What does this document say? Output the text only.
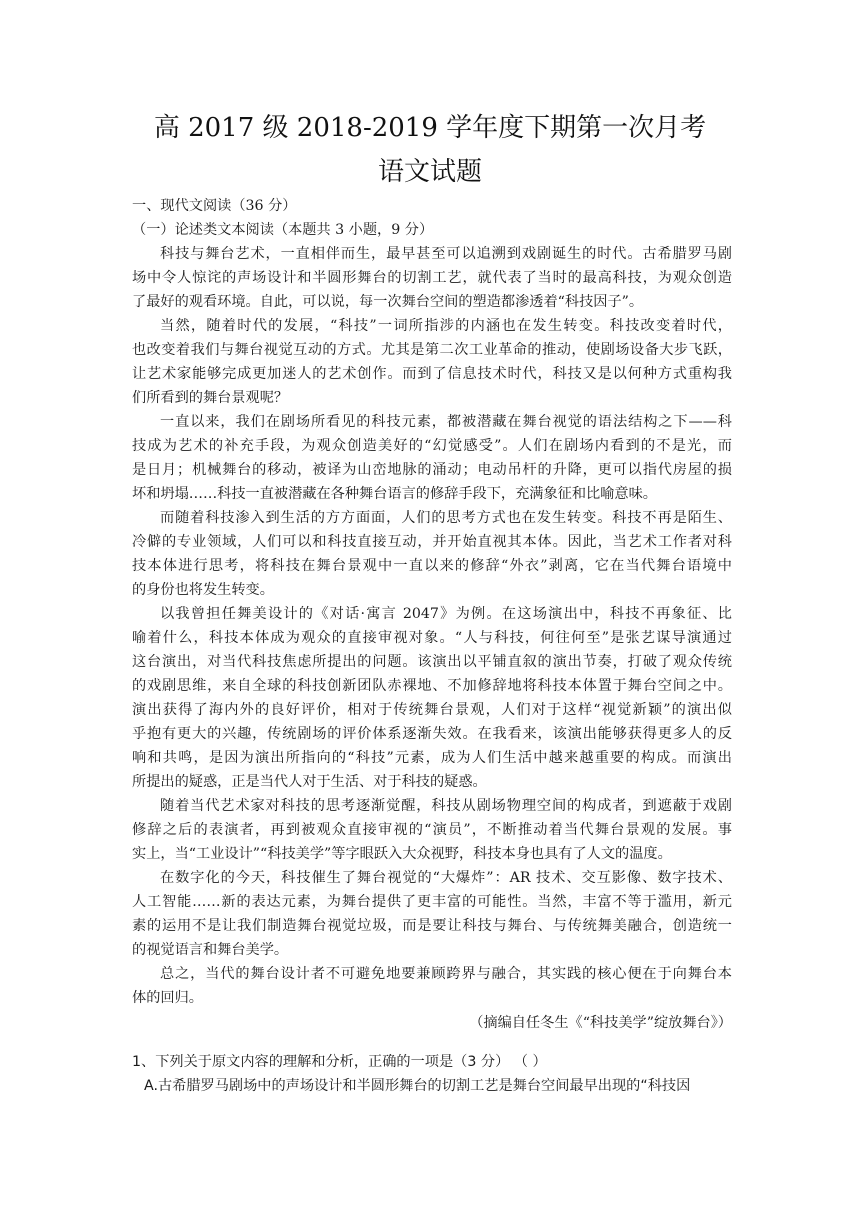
高 2017 级 2018-2019 学年度下期第一次月考
语文试题
一、现代文阅读（36 分）
（一）论述类文本阅读（本题共 3 小题，9 分）
科技与舞台艺术，一直相伴而生，最早甚至可以追溯到戏剧诞生的时代。古希腊罗马剧
场中令人惊诧的声场设计和半圆形舞台的切割工艺，就代表了当时的最高科技，为观众创造
了最好的观看环境。自此，可以说，每一次舞台空间的塑造都渗透着“科技因子”。
当然，随着时代的发展，“科技”一词所指涉的内涵也在发生转变。科技改变着时代，
也改变着我们与舞台视觉互动的方式。尤其是第二次工业革命的推动，使剧场设备大步飞跃，
让艺术家能够完成更加迷人的艺术创作。而到了信息技术时代，科技又是以何种方式重构我
们所看到的舞台景观呢？
一直以来，我们在剧场所看见的科技元素，都被潜藏在舞台视觉的语法结构之下——科
技成为艺术的补充手段，为观众创造美好的“幻觉感受”。人们在剧场内看到的不是光，而
是日月；机械舞台的移动，被译为山峦地脉的涌动；电动吊杆的升降，更可以指代房屋的损
坏和坍塌……科技一直被潜藏在各种舞台语言的修辞手段下，充满象征和比喻意味。
而随着科技渗入到生活的方方面面，人们的思考方式也在发生转变。科技不再是陌生、
冷僻的专业领域，人们可以和科技直接互动，并开始直视其本体。因此，当艺术工作者对科
技本体进行思考，将科技在舞台景观中一直以来的修辞“外衣”剥离，它在当代舞台语境中
的身份也将发生转变。
以我曾担任舞美设计的《对话·寓言 2047》为例。在这场演出中，科技不再象征、比
喻着什么，科技本体成为观众的直接审视对象。“人与科技，何往何至”是张艺谋导演通过
这台演出，对当代科技焦虑所提出的问题。该演出以平铺直叙的演出节奏，打破了观众传统
的戏剧思维，来自全球的科技创新团队赤裸地、不加修辞地将科技本体置于舞台空间之中。
演出获得了海内外的良好评价，相对于传统舞台景观，人们对于这样“视觉新颖”的演出似
乎抱有更大的兴趣，传统剧场的评价体系逐渐失效。在我看来，该演出能够获得更多人的反
响和共鸣，是因为演出所指向的“科技”元素，成为人们生活中越来越重要的构成。而演出
所提出的疑惑，正是当代人对于生活、对于科技的疑惑。
随着当代艺术家对科技的思考逐渐觉醒，科技从剧场物理空间的构成者，到遮蔽于戏剧
修辞之后的表演者，再到被观众直接审视的“演员”，不断推动着当代舞台景观的发展。事
实上，当“工业设计”“科技美学”等字眼跃入大众视野，科技本身也具有了人文的温度。
在数字化的今天，科技催生了舞台视觉的“大爆炸”：AR 技术、交互影像、数字技术、
人工智能……新的表达元素，为舞台提供了更丰富的可能性。当然，丰富不等于滥用，新元
素的运用不是让我们制造舞台视觉垃圾，而是要让科技与舞台、与传统舞美融合，创造统一
的视觉语言和舞台美学。
总之，当代的舞台设计者不可避免地要兼顾跨界与融合，其实践的核心便在于向舞台本
体的回归。
（摘编自任冬生《“科技美学”绽放舞台》）
1、下列关于原文内容的理解和分析，正确的一项是（3 分） （ ）
A.古希腊罗马剧场中的声场设计和半圆形舞台的切割工艺是舞台空间最早出现的“科技因
